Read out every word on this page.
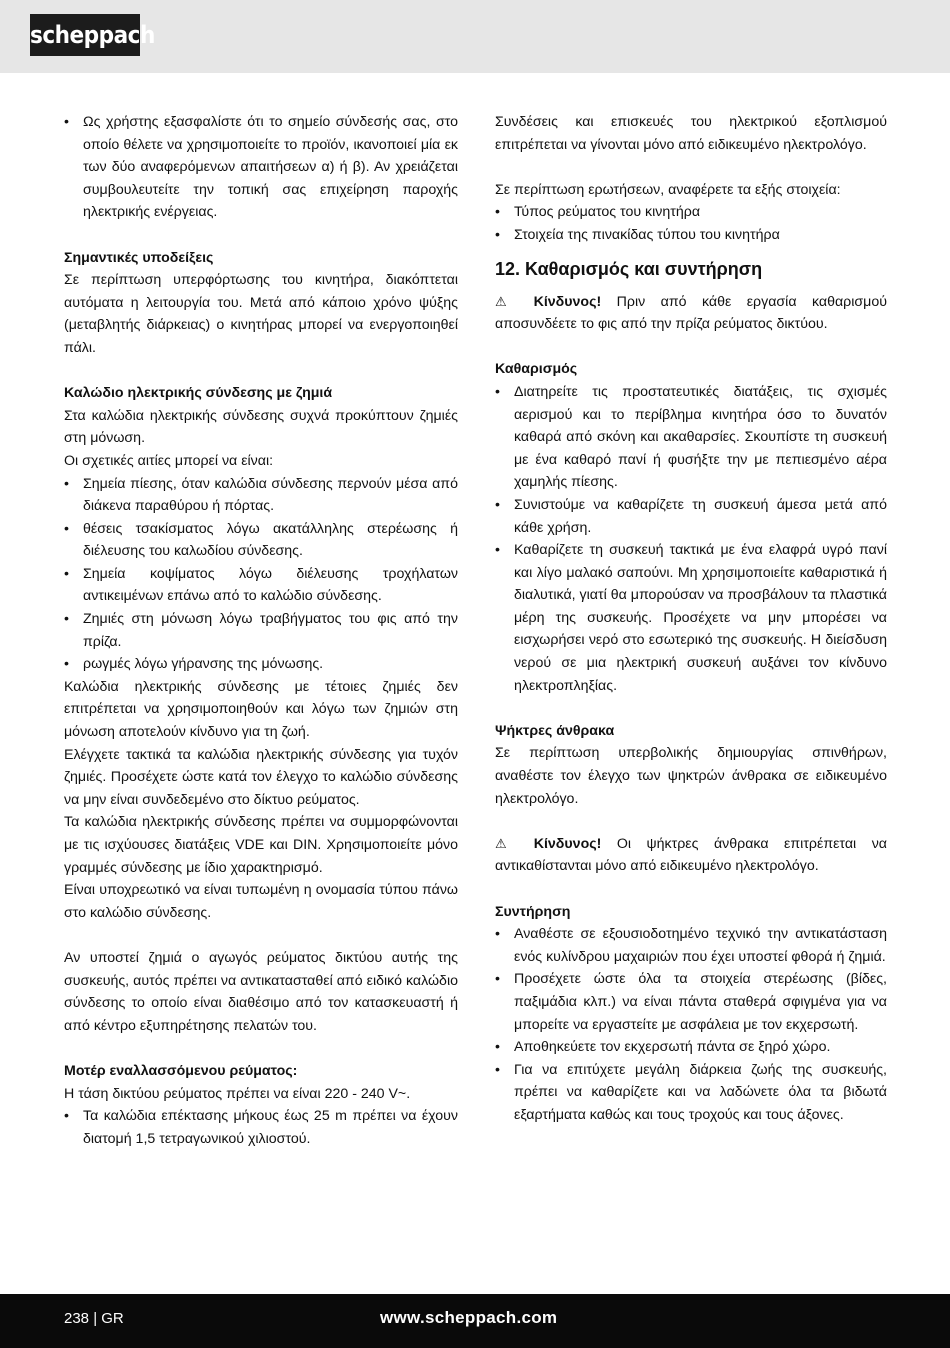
scheppach
• Ως χρήστης εξασφαλίστε ότι το σημείο σύνδεσής σας, στο οποίο θέλετε να χρησιμοποιείτε το προϊόν, ικανοποιεί μία εκ των δύο αναφερόμενων απαιτήσεων α) ή β). Αν χρειάζεται συμβουλευτείτε την τοπική σας επιχείρηση παροχής ηλεκτρικής ενέργειας.

Σημαντικές υποδείξεις

Σε περίπτωση υπερφόρτωσης του κινητήρα, διακόπτεται αυτόματα η λειτουργία του. Μετά από κάποιο χρόνο ψύξης (μεταβλητής διάρκειας) ο κινητήρας μπορεί να ενεργοποιηθεί πάλι.

Καλώδιο ηλεκτρικής σύνδεσης με ζημιά

Στα καλώδια ηλεκτρικής σύνδεσης συχνά προκύπτουν ζημιές στη μόνωση.

Οι σχετικές αιτίες μπορεί να είναι:

• Σημεία πίεσης, όταν καλώδια σύνδεσης περνούν μέσα από διάκενα παραθύρου ή πόρτας.
• θέσεις τσακίσματος λόγω ακατάλληλης στερέωσης ή διέλευσης του καλωδίου σύνδεσης.
• Σημεία κοψίματος λόγω διέλευσης τροχήλατων αντικειμένων επάνω από το καλώδιο σύνδεσης.
• Ζημιές στη μόνωση λόγω τραβήγματος του φις από την πρίζα.
• ρωγμές λόγω γήρανσης της μόνωσης.

Καλώδια ηλεκτρικής σύνδεσης με τέτοιες ζημιές δεν επιτρέπεται να χρησιμοποιηθούν και λόγω των ζημιών στη μόνωση αποτελούν κίνδυνο για τη ζωή.

Ελέγχετε τακτικά τα καλώδια ηλεκτρικής σύνδεσης για τυχόν ζημιές. Προσέχετε ώστε κατά τον έλεγχο το καλώδιο σύνδεσης να μην είναι συνδεδεμένο στο δίκτυο ρεύματος.

Τα καλώδια ηλεκτρικής σύνδεσης πρέπει να συμμορφώνονται με τις ισχύουσες διατάξεις VDE και DIN. Χρησιμοποιείτε μόνο γραμμές σύνδεσης με ίδιο χαρακτηρισμό.

Είναι υποχρεωτικό να είναι τυπωμένη η ονομασία τύπου πάνω στο καλώδιο σύνδεσης.

Αν υποστεί ζημιά ο αγωγός ρεύματος δικτύου αυτής της συσκευής, αυτός πρέπει να αντικατασταθεί από ειδικό καλώδιο σύνδεσης το οποίο είναι διαθέσιμο από τον κατασκευαστή ή από κέντρο εξυπηρέτησης πελατών του.

Μοτέρ εναλλασσόμενου ρεύματος:

Η τάση δικτύου ρεύματος πρέπει να είναι 220 - 240 V~.

• Τα καλώδια επέκτασης μήκους έως 25 m πρέπει να έχουν διατομή 1,5 τετραγωνικού χιλιοστού.

Συνδέσεις και επισκευές του ηλεκτρικού εξοπλισμού επιτρέπεται να γίνονται μόνο από ειδικευμένο ηλεκτρολόγο.

Σε περίπτωση ερωτήσεων, αναφέρετε τα εξής στοιχεία:

• Τύπος ρεύματος του κινητήρα
• Στοιχεία της πινακίδας τύπου του κινητήρα

12. Καθαρισμός και συντήρηση

⚠ Κίνδυνος! Πριν από κάθε εργασία καθαρισμού αποσυνδέετε το φις από την πρίζα ρεύματος δικτύου.

Καθαρισμός

• Διατηρείτε τις προστατευτικές διατάξεις, τις σχισμές αερισμού και το περίβλημα κινητήρα όσο το δυνατόν καθαρά από σκόνη και ακαθαρσίες. Σκουπίστε τη συσκευή με ένα καθαρό πανί ή φυσήξτε την με πεπιεσμένο αέρα χαμηλής πίεσης.
• Συνιστούμε να καθαρίζετε τη συσκευή άμεσα μετά από κάθε χρήση.
• Καθαρίζετε τη συσκευή τακτικά με ένα ελαφρά υγρό πανί και λίγο μαλακό σαπούνι. Μη χρησιμοποιείτε καθαριστικά ή διαλυτικά, γιατί θα μπορούσαν να προσβάλουν τα πλαστικά μέρη της συσκευής. Προσέχετε να μην μπορέσει να εισχωρήσει νερό στο εσωτερικό της συσκευής. Η διείσδυση νερού σε μια ηλεκτρική συσκευή αυξάνει τον κίνδυνο ηλεκτροπληξίας.

Ψήκτρες άνθρακα

Σε περίπτωση υπερβολικής δημιουργίας σπινθήρων, αναθέστε τον έλεγχο των ψηκτρών άνθρακα σε ειδικευμένο ηλεκτρολόγο.

⚠ Κίνδυνος! Οι ψήκτρες άνθρακα επιτρέπεται να αντικαθίστανται μόνο από ειδικευμένο ηλεκτρολόγο.

Συντήρηση

• Αναθέστε σε εξουσιοδοτημένο τεχνικό την αντικατάσταση ενός κυλίνδρου μαχαιριών που έχει υποστεί φθορά ή ζημιά.
• Προσέχετε ώστε όλα τα στοιχεία στερέωσης (βίδες, παξιμάδια κλπ.) να είναι πάντα σταθερά σφιγμένα για να μπορείτε να εργαστείτε με ασφάλεια με τον εκχερσωτή.
• Αποθηκεύετε τον εκχερσωτή πάντα σε ξηρό χώρο.
• Για να επιτύχετε μεγάλη διάρκεια ζωής της συσκευής, πρέπει να καθαρίζετε και να λαδώνετε όλα τα βιδωτά εξαρτήματα καθώς και τους τροχούς και τους άξονες.
238 | GR	www.scheppach.com
